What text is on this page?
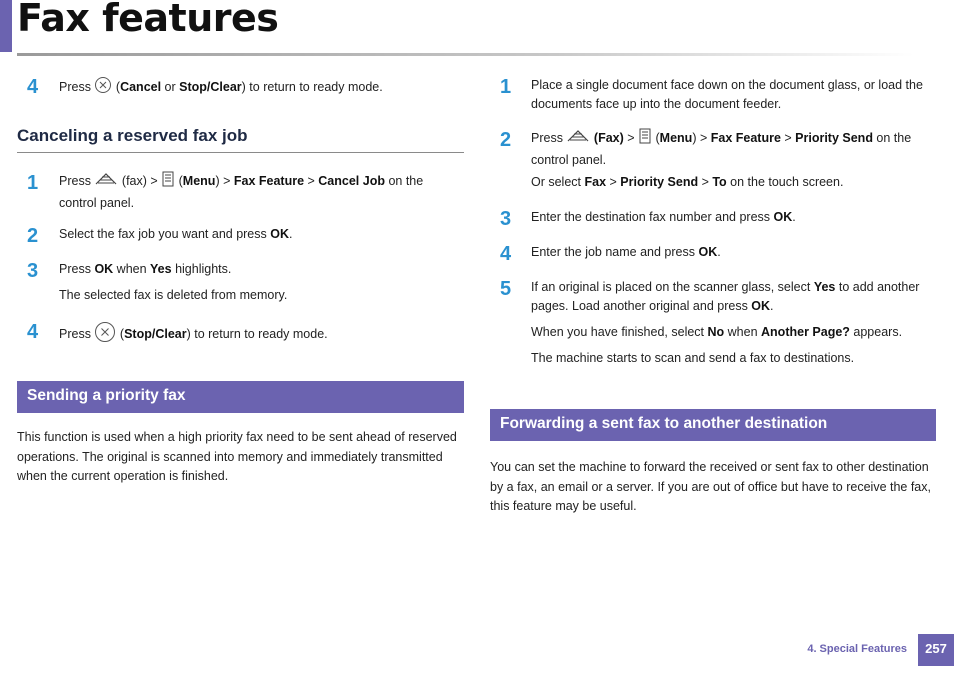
Fax features
4	Press  (Cancel or Stop/Clear) to return to ready mode.
Canceling a reserved fax job
1	Press  (fax) >  (Menu) > Fax Feature > Cancel Job on the control panel.
2	Select the fax job you want and press OK.
3	Press OK when Yes highlights.
The selected fax is deleted from memory.
4	Press  (Stop/Clear) to return to ready mode.
Sending a priority fax
This function is used when a high priority fax need to be sent ahead of reserved operations. The original is scanned into memory and immediately transmitted when the current operation is finished.
1	Place a single document face down on the document glass, or load the documents face up into the document feeder.
2	Press  (Fax) >  (Menu) > Fax Feature > Priority Send on the control panel.
Or select Fax > Priority Send > To on the touch screen.
3	Enter the destination fax number and press OK.
4	Enter the job name and press OK.
5	If an original is placed on the scanner glass, select Yes to add another pages. Load another original and press OK.
When you have finished, select No when Another Page? appears.
The machine starts to scan and send a fax to destinations.
Forwarding a sent fax to another destination
You can set the machine to forward the received or sent fax to other destination by a fax, an email or a server. If you are out of office but have to receive the fax, this feature may be useful.
4. Special Features	257
